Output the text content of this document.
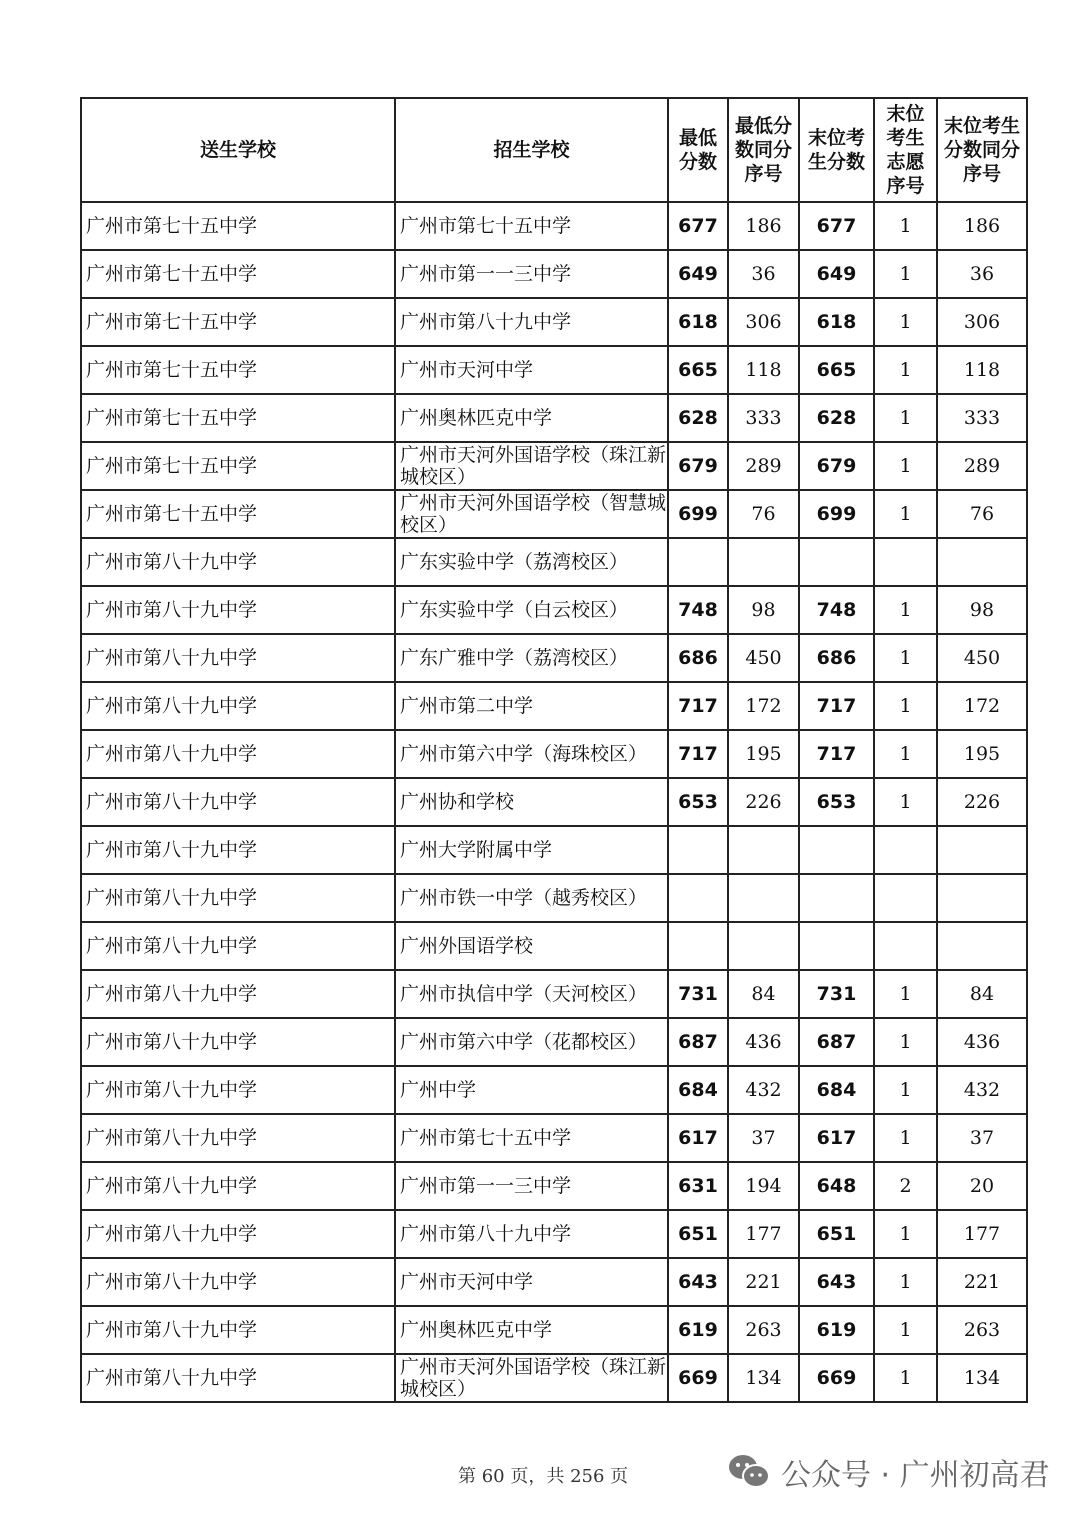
送生学校	招生学校	最低分数	最低分数同分序号	末位考生分数	末位考生志愿序号	末位考生分数同分序号
广州市第七十五中学	广州市第七十五中学	677	186	677	1	186
广州市第七十五中学	广州市第一一三中学	649	36	649	1	36
广州市第七十五中学	广州市第八十九中学	618	306	618	1	306
广州市第七十五中学	广州市天河中学	665	118	665	1	118
广州市第七十五中学	广州奥林匹克中学	628	333	628	1	333
广州市第七十五中学	广州市天河外国语学校（珠江新城校区）	679	289	679	1	289
广州市第七十五中学	广州市天河外国语学校（智慧城校区）	699	76	699	1	76
广州市第八十九中学	广东实验中学（荔湾校区）					
广州市第八十九中学	广东实验中学（白云校区）	748	98	748	1	98
广州市第八十九中学	广东广雅中学（荔湾校区）	686	450	686	1	450
广州市第八十九中学	广州市第二中学	717	172	717	1	172
广州市第八十九中学	广州市第六中学（海珠校区）	717	195	717	1	195
广州市第八十九中学	广州协和学校	653	226	653	1	226
广州市第八十九中学	广州大学附属中学					
广州市第八十九中学	广州市铁一中学（越秀校区）					
广州市第八十九中学	广州外国语学校					
广州市第八十九中学	广州市执信中学（天河校区）	731	84	731	1	84
广州市第八十九中学	广州市第六中学（花都校区）	687	436	687	1	436
广州市第八十九中学	广州中学	684	432	684	1	432
广州市第八十九中学	广州市第七十五中学	617	37	617	1	37
广州市第八十九中学	广州市第一一三中学	631	194	648	2	20
广州市第八十九中学	广州市第八十九中学	651	177	651	1	177
广州市第八十九中学	广州市天河中学	643	221	643	1	221
广州市第八十九中学	广州奥林匹克中学	619	263	619	1	263
广州市第八十九中学	广州市天河外国语学校（珠江新城校区）	669	134	669	1	134
第 60 页，共 256 页	公众号 · 广州初高君
